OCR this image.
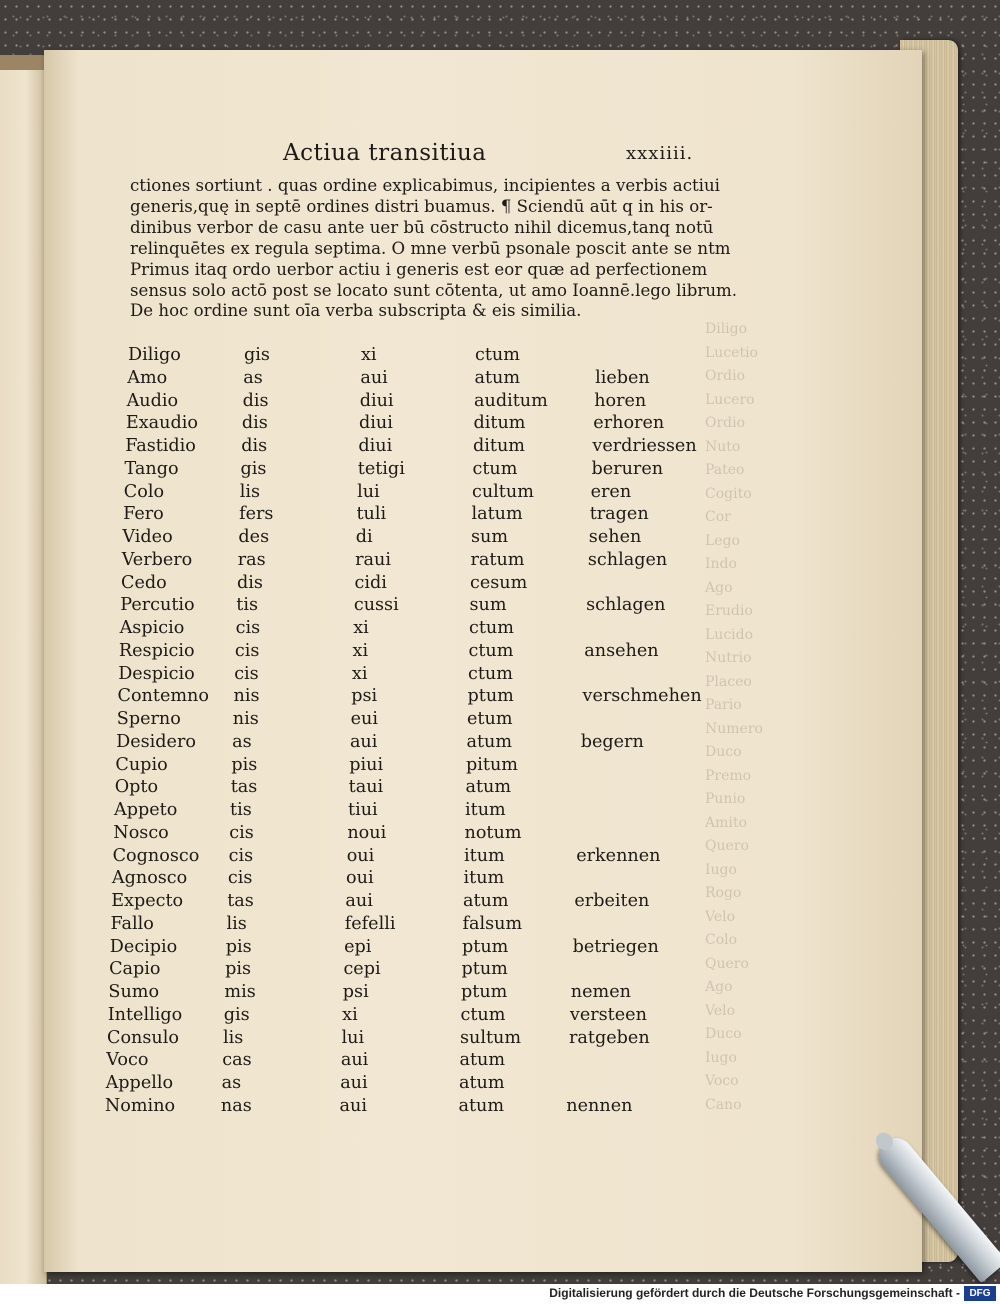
Diligo
Lucetio
Ordio
Lucero
Ordio
Nuto
Pateo
Cogito
Cor
Lego
Indo
Ago
Erudio
Lucido
Nutrio
Placeo
Pario
Numero
Duco
Premo
Punio
Amito
Quero
Iugo
Rogo
Velo
Colo
Quero
Ago
Velo
Duco
Iugo
Voco
Cano
Actiua transitiua	xxxiiii.
ctiones sortiunt . quas ordine explicabimus, incipientes a verbis actiui
generis,quę in septē ordines distri buamus. ¶ Sciendū aūt q in his or-
dinibus verbor de casu ante uer bū cōstructo nihil dicemus,tanq notū
relinquētes ex regula septima. O mne verbū psonale poscit ante se ntm
Primus itaq ordo uerbor actiu i generis est eor quæ ad perfectionem
sensus solo actō post se locato sunt cōtenta, ut amo Ioannē.lego librum.
De hoc ordine sunt oīa verba subscripta & eis similia.
Diligo	gis	xi	ctum
Amo	as	aui	atum	lieben
Audio	dis	diui	auditum	horen
Exaudio dis	diui	ditum	erhoren
Fastidio	dis	diui	ditum	verdriessen
Tango	gis	tetigi	ctum	beruren
Colo	lis	lui	cultum	eren
Fero	fers	tuli	latum	tragen
Video	des	di	sum	sehen
Verbero	ras	raui	ratum	schlagen
Cedo	dis	cidi	cesum
Percutio tis	cussi	sum	schlagen
Aspicio	cis	xi	ctum
Respicio cis	xi	ctum	ansehen
Despicio cis	xi	ctum
Contemno nis	psi	ptum	verschmehen
Sperno	nis	eui	etum
Desidero as	aui	atum	begern
Cupio	pis	piui	pitum
Opto	tas	taui	atum
Appeto	tis	tiui	itum
Nosco	cis	noui	notum
Cognosco cis	oui	itum	erkennen
Agnosco cis	oui	itum
Expecto	tas	aui	atum	erbeiten
Fallo	lis	fefelli	falsum
Decipio	pis	epi	ptum	betriegen
Capio	pis	cepi	ptum
Sumo	mis	psi	ptum	nemen
Intelligo gis	xi	ctum	versteen
Consulo	lis	lui	sultum	ratgeben
Voco	cas	aui	atum
Appello	as	aui	atum
Nomino	nas	aui	atum	nennen
Digitalisierung gefördert durch die Deutsche Forschungsgemeinschaft - DFG
